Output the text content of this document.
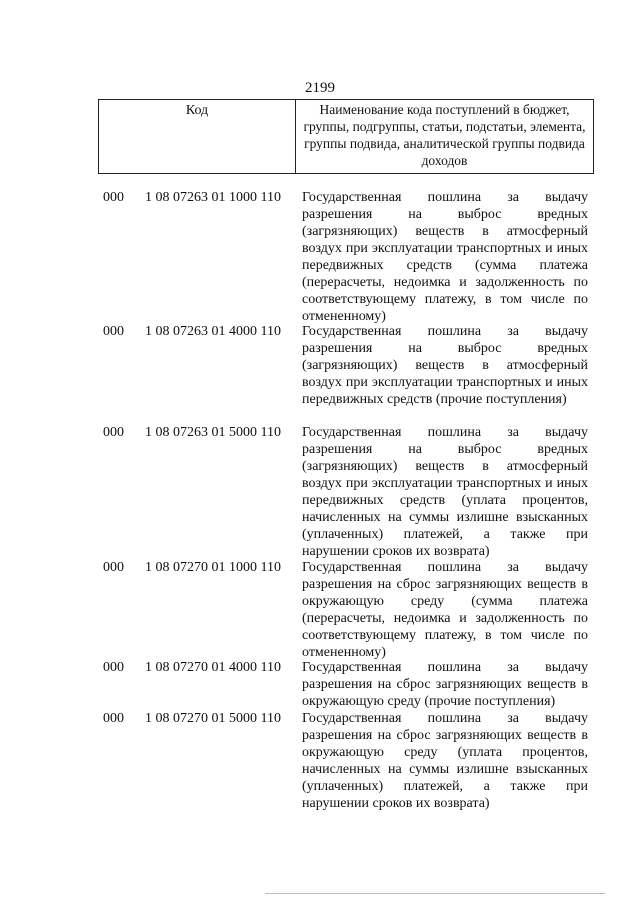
2199
Код	Наименование кода поступлений в бюджет, группы, подгруппы, статьи, подстатьи, элемента, группы подвида, аналитической группы подвида доходов
000 1 08 07263 01 1000 110 Государственная пошлина за выдачу разрешения на выброс вредных (загрязняющих) веществ в атмосферный воздух при эксплуатации транспортных и иных передвижных средств (сумма платежа (перерасчеты, недоимка и задолженность по соответствующему платежу, в том числе по отмененному)
000 1 08 07263 01 4000 110 Государственная пошлина за выдачу разрешения на выброс вредных (загрязняющих) веществ в атмосферный воздух при эксплуатации транспортных и иных передвижных средств (прочие поступления)
000 1 08 07263 01 5000 110 Государственная пошлина за выдачу разрешения на выброс вредных (загрязняющих) веществ в атмосферный воздух при эксплуатации транспортных и иных передвижных средств (уплата процентов, начисленных на суммы излишне взысканных (уплаченных) платежей, а также при нарушении сроков их возврата)
000 1 08 07270 01 1000 110 Государственная пошлина за выдачу разрешения на сброс загрязняющих веществ в окружающую среду (сумма платежа (перерасчеты, недоимка и задолженность по соответствующему платежу, в том числе по отмененному)
000 1 08 07270 01 4000 110 Государственная пошлина за выдачу разрешения на сброс загрязняющих веществ в окружающую среду (прочие поступления)
000 1 08 07270 01 5000 110 Государственная пошлина за выдачу разрешения на сброс загрязняющих веществ в окружающую среду (уплата процентов, начисленных на суммы излишне взысканных (уплаченных) платежей, а также при нарушении сроков их возврата)
